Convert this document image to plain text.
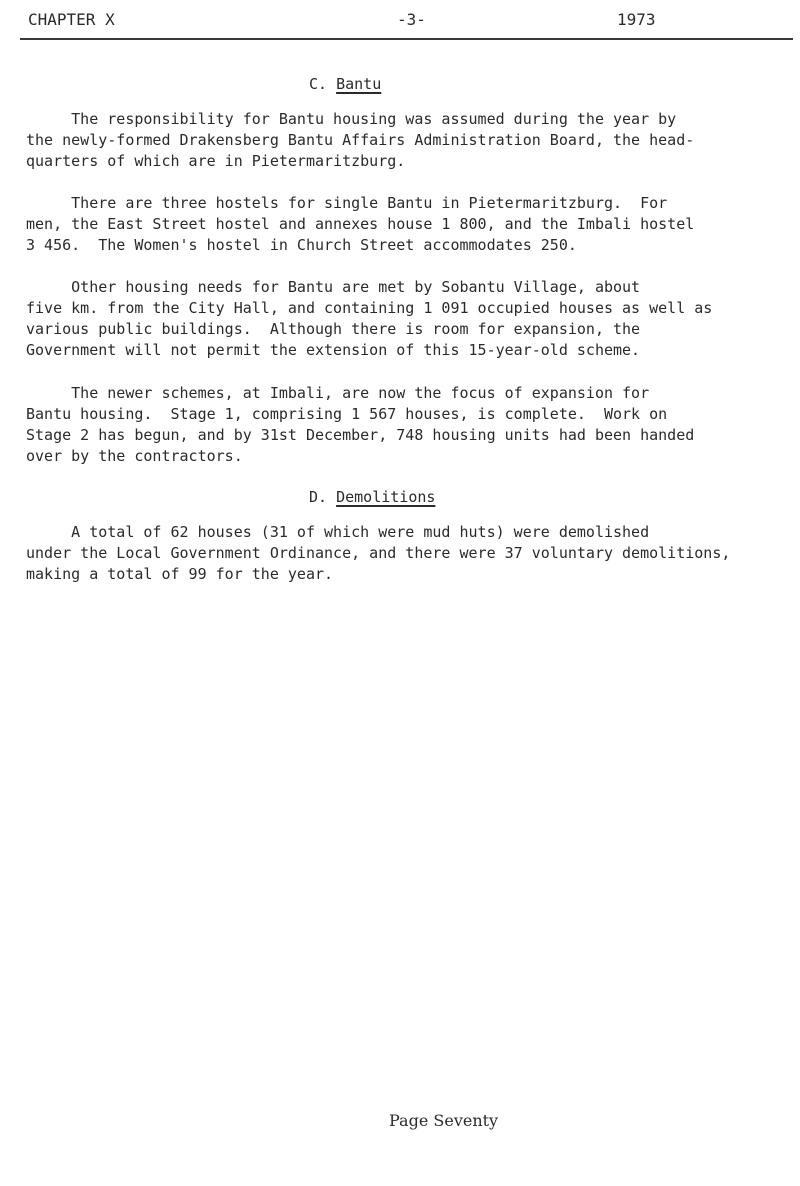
CHAPTER X	-3-	1973
C. Bantu
The responsibility for Bantu housing was assumed during the year by
the newly-formed Drakensberg Bantu Affairs Administration Board, the head-
quarters of which are in Pietermaritzburg.
There are three hostels for single Bantu in Pietermaritzburg.  For
men, the East Street hostel and annexes house 1 800, and the Imbali hostel
3 456.  The Women's hostel in Church Street accommodates 250.
Other housing needs for Bantu are met by Sobantu Village, about
five km. from the City Hall, and containing 1 091 occupied houses as well as
various public buildings.  Although there is room for expansion, the
Government will not permit the extension of this 15-year-old scheme.
The newer schemes, at Imbali, are now the focus of expansion for
Bantu housing.  Stage 1, comprising 1 567 houses, is complete.  Work on
Stage 2 has begun, and by 31st December, 748 housing units had been handed
over by the contractors.
D. Demolitions
A total of 62 houses (31 of which were mud huts) were demolished
under the Local Government Ordinance, and there were 37 voluntary demolitions,
making a total of 99 for the year.
Page Seventy
